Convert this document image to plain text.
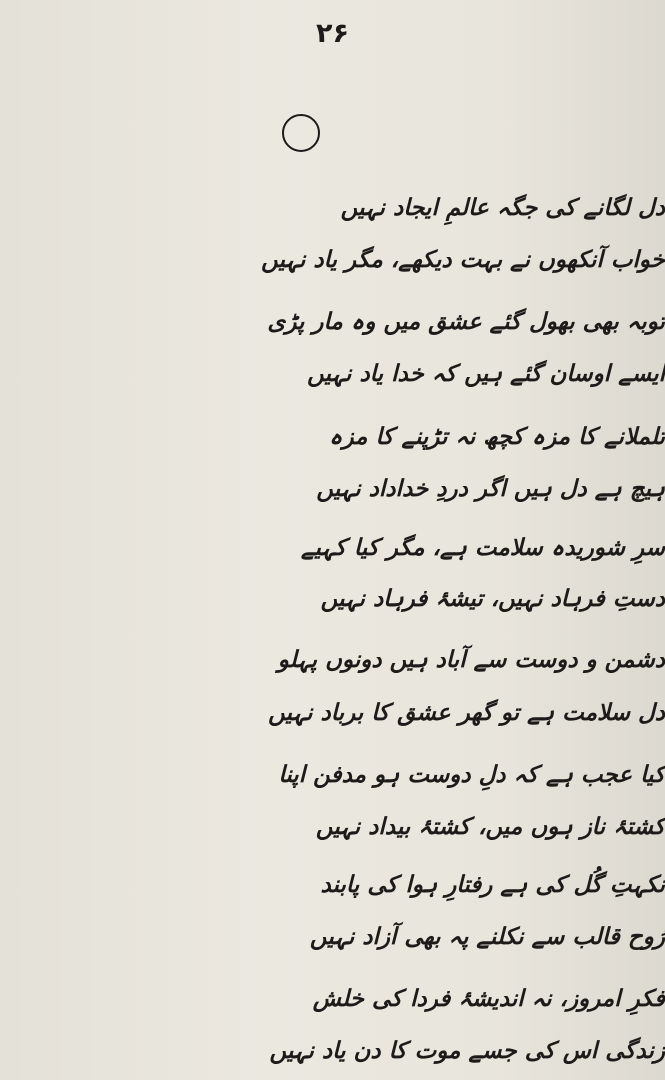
۲۶
دل لگانے کی جگہ عالمِ ایجاد نہیں
خواب آنکھوں نے بہت دیکھے، مگر یاد نہیں
توبہ بھی بھول گئے عشق میں وہ مار پڑی
ایسے اوسان گئے ہیں کہ خدا یاد نہیں
تلملانے کا مزہ کچھ نہ تڑپنے کا مزہ
ہیچ ہے دل ہیں اگر دردِ خداداد نہیں
سرِ شوریدہ سلامت ہے، مگر کیا کہیے
دستِ فرہاد نہیں، تیشۂ فرہاد نہیں
دشمن و دوست سے آباد ہیں دونوں پہلو
دل سلامت ہے تو گھر عشق کا برباد نہیں
کیا عجب ہے کہ دلِ دوست ہو مدفن اپنا
کشتۂ ناز ہوں میں، کشتۂ بیداد نہیں
نکہتِ گُل کی ہے رفتارِ ہوا کی پابند
رُوح قالب سے نکلنے پہ بھی آزاد نہیں
فکرِ امروز، نہ اندیشۂ فردا کی خلش
زندگی اس کی جسے موت کا دن یاد نہیں
